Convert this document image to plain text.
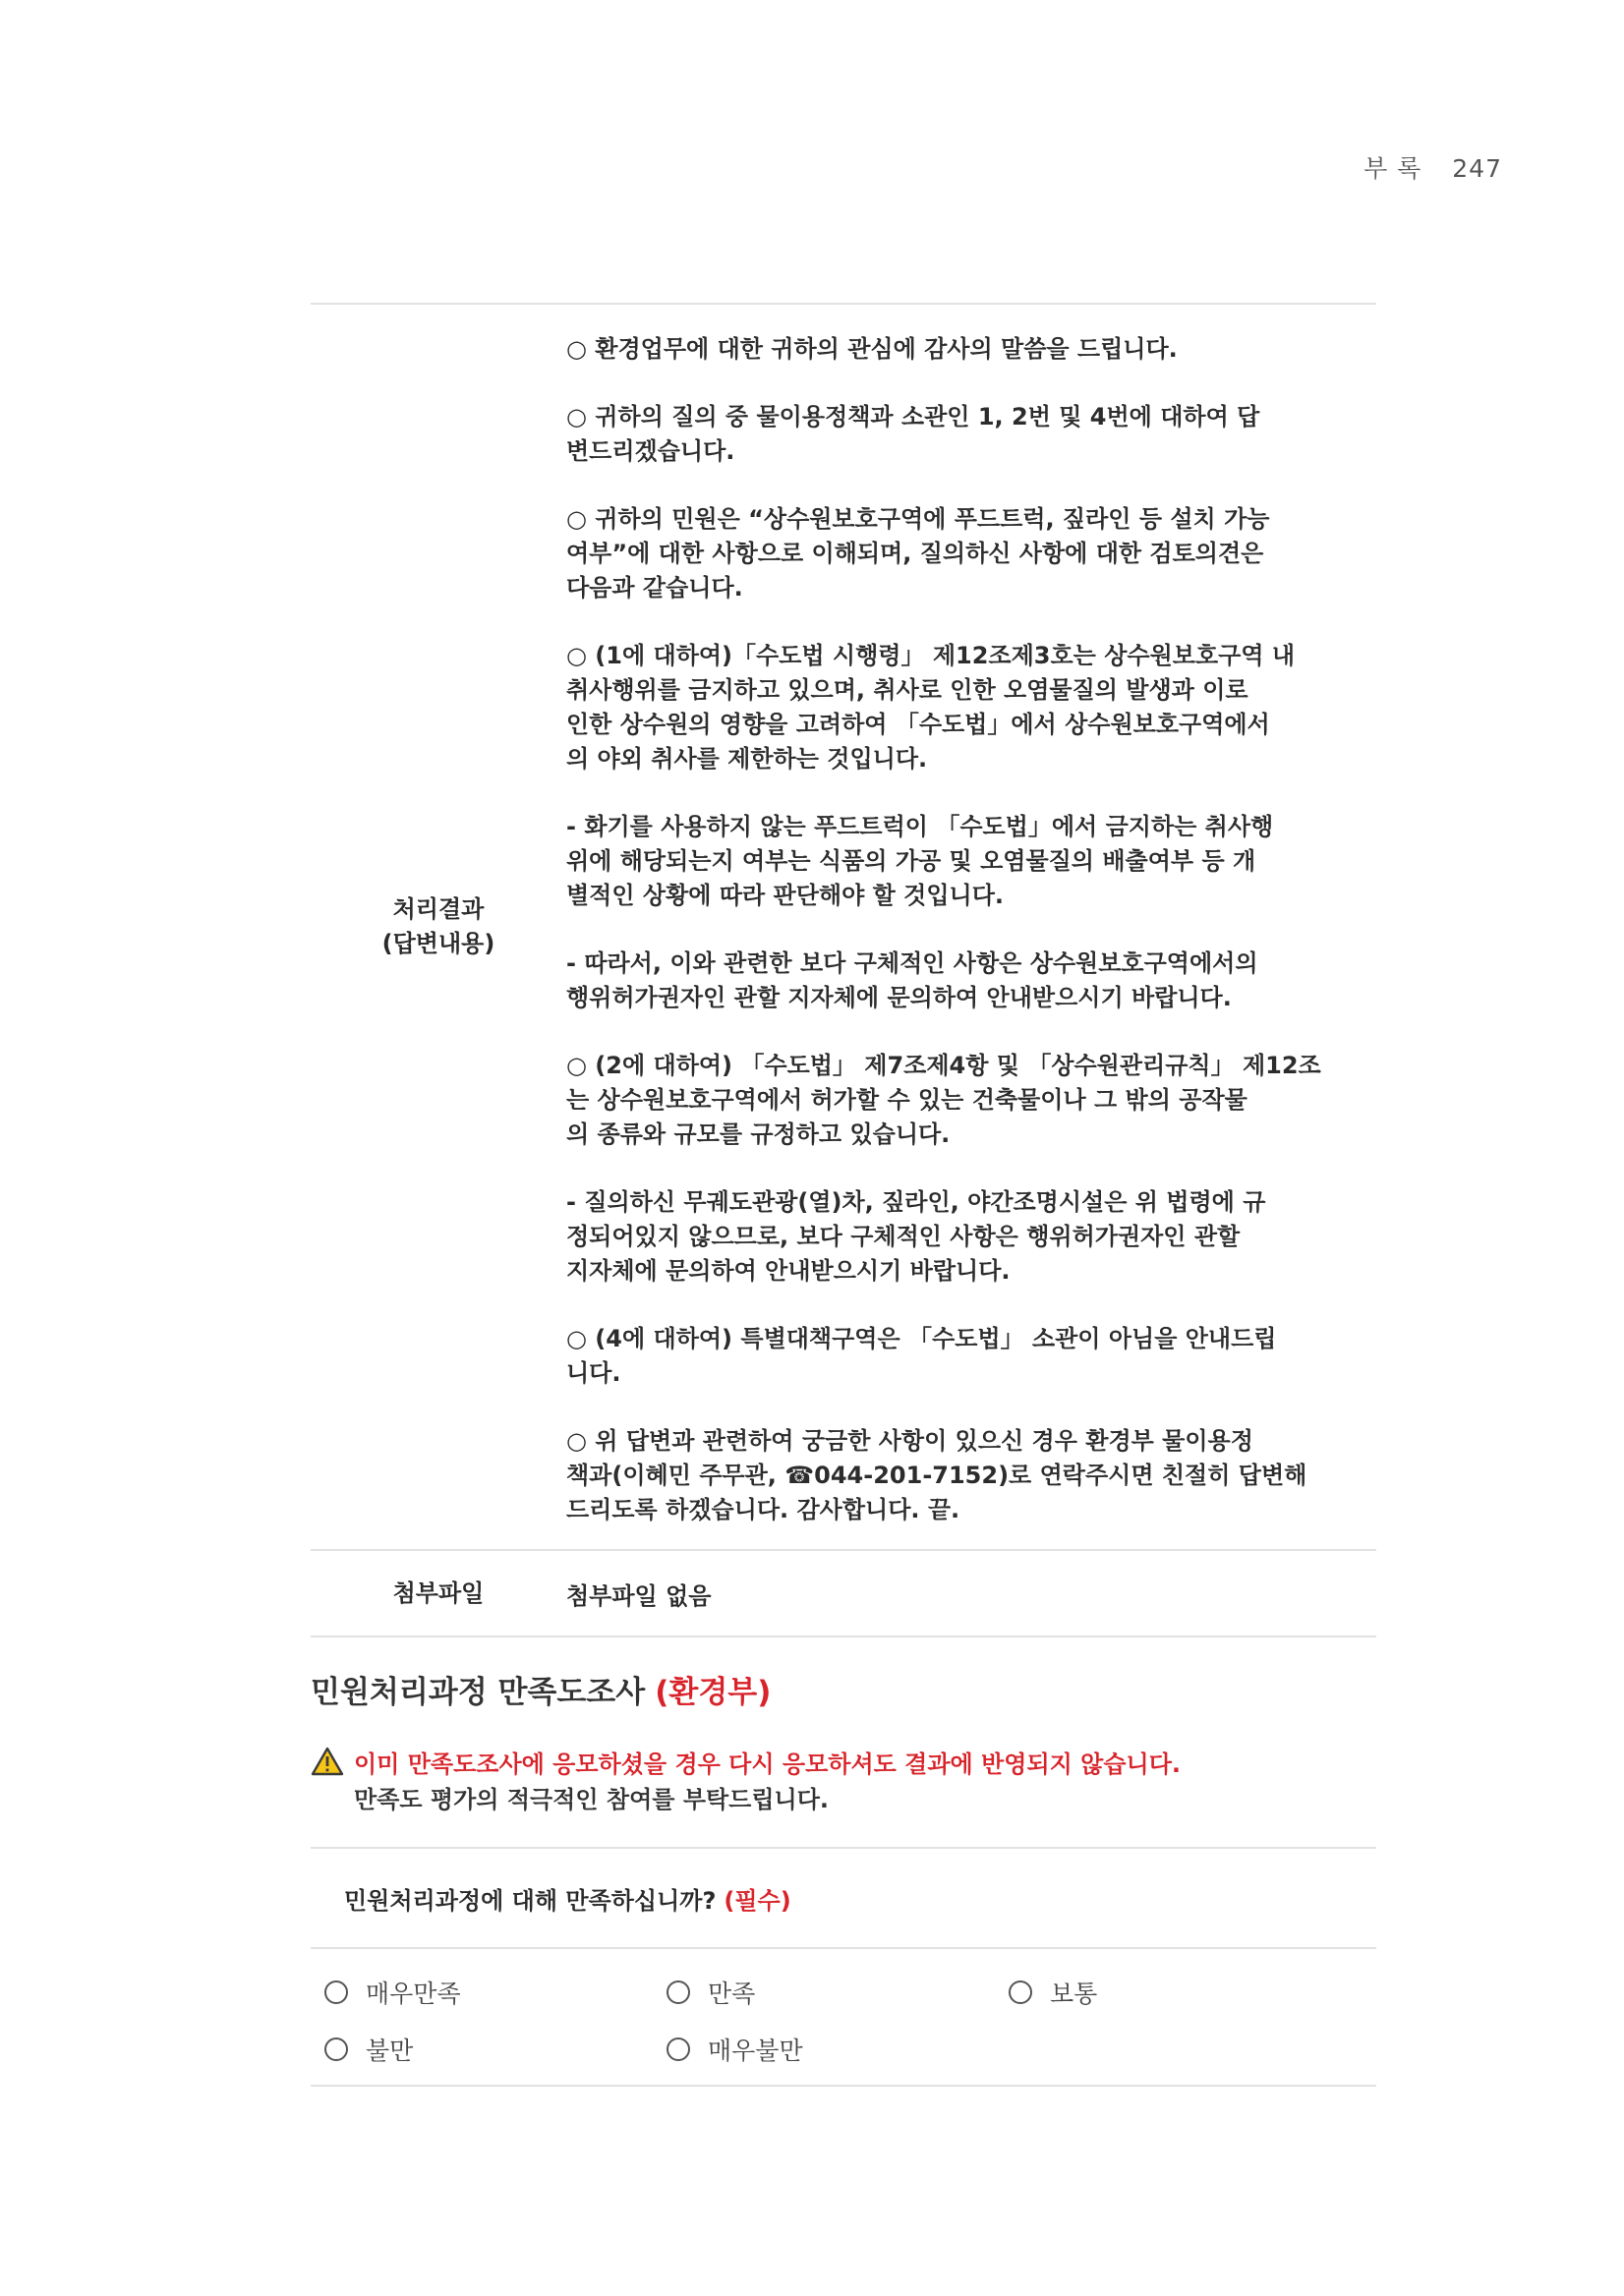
부 록 247
처리결과
(답변내용)

○ 환경업무에 대한 귀하의 관심에 감사의 말씀을 드립니다.

○ 귀하의 질의 중 물이용정책과 소관인 1, 2번 및 4번에 대하여 답
변드리겠습니다.

○ 귀하의 민원은 “상수원보호구역에 푸드트럭, 짚라인 등 설치 가능
여부”에 대한 사항으로 이해되며, 질의하신 사항에 대한 검토의견은
다음과 같습니다.

○ (1에 대하여)「수도법 시행령」 제12조제3호는 상수원보호구역 내
취사행위를 금지하고 있으며, 취사로 인한 오염물질의 발생과 이로
인한 상수원의 영향을 고려하여 「수도법」에서 상수원보호구역에서
의 야외 취사를 제한하는 것입니다.

- 화기를 사용하지 않는 푸드트럭이 「수도법」에서 금지하는 취사행
위에 해당되는지 여부는 식품의 가공 및 오염물질의 배출여부 등 개
별적인 상황에 따라 판단해야 할 것입니다.

- 따라서, 이와 관련한 보다 구체적인 사항은 상수원보호구역에서의
행위허가권자인 관할 지자체에 문의하여 안내받으시기 바랍니다.

○ (2에 대하여) 「수도법」 제7조제4항 및 「상수원관리규칙」 제12조
는 상수원보호구역에서 허가할 수 있는 건축물이나 그 밖의 공작물
의 종류와 규모를 규정하고 있습니다.

- 질의하신 무궤도관광(열)차, 짚라인, 야간조명시설은 위 법령에 규
정되어있지 않으므로, 보다 구체적인 사항은 행위허가권자인 관할
지자체에 문의하여 안내받으시기 바랍니다.

○ (4에 대하여) 특별대책구역은 「수도법」 소관이 아님을 안내드립
니다.

○ 위 답변과 관련하여 궁금한 사항이 있으신 경우 환경부 물이용정
책과(이혜민 주무관, ☎044-201-7152)로 연락주시면 친절히 답변해
드리도록 하겠습니다. 감사합니다. 끝.

첨부파일	첨부파일 없음
민원처리과정 만족도조사 (환경부)
이미 만족도조사에 응모하셨을 경우 다시 응모하셔도 결과에 반영되지 않습니다.
만족도 평가의 적극적인 참여를 부탁드립니다.
민원처리과정에 대해 만족하십니까? (필수)
매우만족	만족	보통
불만	매우불만
